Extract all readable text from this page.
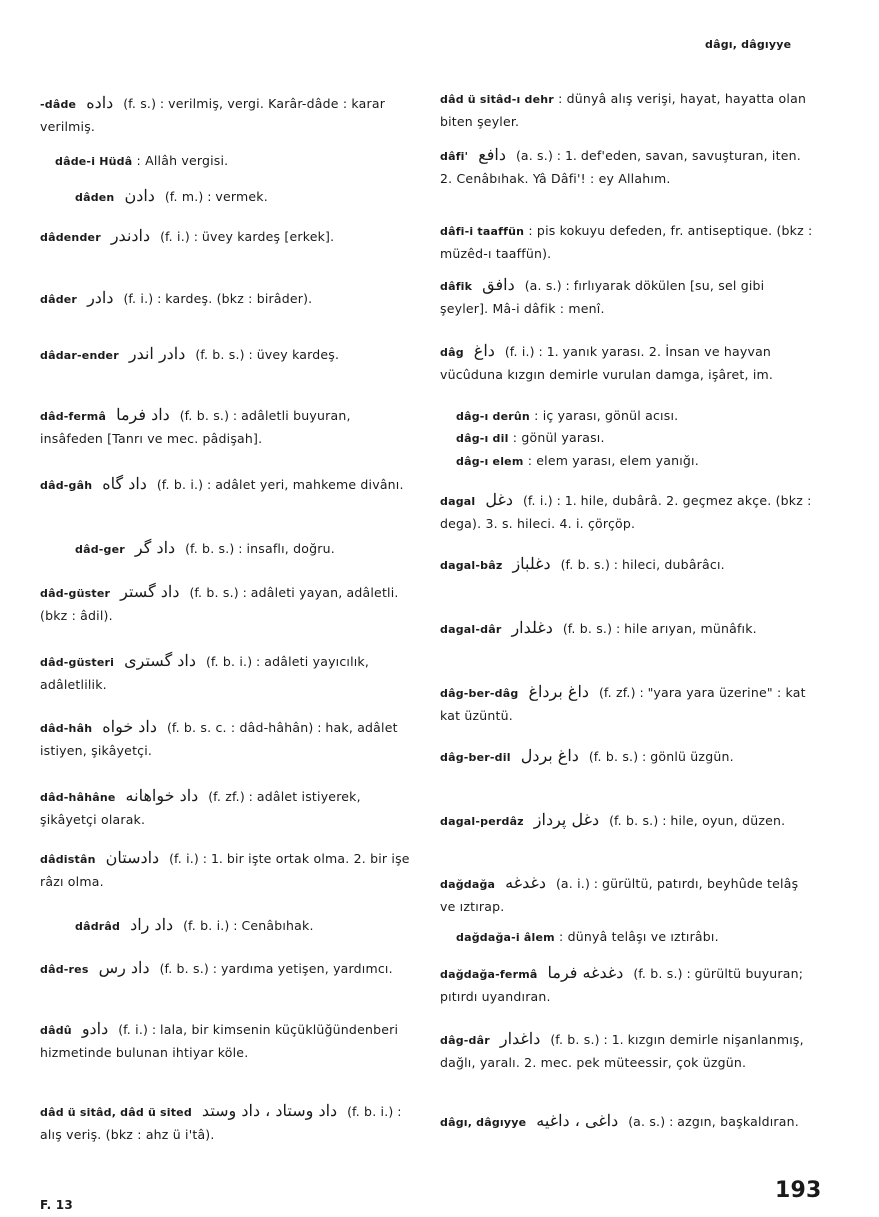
dâgı, dâgıyye

-dâde داده (f. s.) : verilmiş, vergi. Karâr-dâde : karar verilmiş.

dâde-i Hüdâ : Allâh vergisi.

dâden دادن (f. m.) : vermek.

dâdender دادندر (f. i.) : üvey kardeş [erkek].

dâder دادر (f. i.) : kardeş. (bkz : birâder).

dâdar-ender دادر اندر (f. b. s.) : üvey kardeş.

dâd-fermâ داد فرما (f. b. s.) : adâletli buyuran, insâfeden [Tanrı ve mec. pâdişah].

dâd-gâh داد گاه (f. b. i.) : adâlet yeri, mahkeme divânı.

dâd-ger داد گر (f. b. s.) : insaflı, doğru.

dâd-güster داد گستر (f. b. s.) : adâleti yayan, adâletli. (bkz : âdil).

dâd-güsteri داد گستری (f. b. i.) : adâleti yayıcılık, adâletlilik.

dâd-hâh داد خواه (f. b. s. c. : dâd-hâhân) : hak, adâlet istiyen, şikâyetçi.

dâd-hâhâne داد خواهانه (f. zf.) : adâlet istiyerek, şikâyetçi olarak.

dâdistân دادستان (f. i.) : 1. bir işte ortak olma. 2. bir işe râzı olma.

dâdrâd داد راد (f. b. i.) : Cenâbıhak.

dâd-res داد رس (f. b. s.) : yardıma yetişen, yardımcı.

dâdû دادو (f. i.) : lala, bir kimsenin küçüklüğündenberi hizmetinde bulunan ihtiyar köle.

dâd ü sitâd, dâd ü sited داد وستاد ، داد وستد (f. b. i.) : alış veriş. (bkz : ahz ü i'tâ).

dâd ü sitâd-ı dehr : dünyâ alış verişi, hayat, hayatta olan biten şeyler.

dâfi' دافع (a. s.) : 1. def'eden, savan, savuşturan, iten. 2. Cenâbıhak. Yâ Dâfi'! : ey Allahım.

dâfi-i taaffün : pis kokuyu defeden, fr. antiseptique. (bkz : müzêd-ı taaffün).

dâfik دافق (a. s.) : fırlıyarak dökülen [su, sel gibi şeyler]. Mâ-i dâfik : menî.

dâg داغ (f. i.) : 1. yanık yarası. 2. İnsan ve hayvan vücûduna kızgın demirle vurulan damga, işâret, im.

dâg-ı derûn : iç yarası, gönül acısı.

dâg-ı dil : gönül yarası.

dâg-ı elem : elem yarası, elem yanığı.

dagal دغل (f. i.) : 1. hile, dubârâ. 2. geçmez akçe. (bkz : dega). 3. s. hileci. 4. i. çörçöp.

dagal-bâz دغلباز (f. b. s.) : hileci, dubârâcı.

dagal-dâr دغلدار (f. b. s.) : hile arıyan, münâfık.

dâg-ber-dâg داغ برداغ (f. zf.) : "yara yara üzerine" : kat kat üzüntü.

dâg-ber-dil داغ بردل (f. b. s.) : gönlü üzgün.

dagal-perdâz دغل پرداز (f. b. s.) : hile, oyun, düzen.

dağdağa دغدغه (a. i.) : gürültü, patırdı, beyhûde telâş ve ıztırap.

dağdağa-i âlem : dünyâ telâşı ve ıztırâbı.

dağdağa-fermâ دغدغه فرما (f. b. s.) : gürültü buyuran; pıtırdı uyandıran.

dâg-dâr داغدار (f. b. s.) : 1. kızgın demirle nişanlanmış, dağlı, yaralı. 2. mec. pek müteessir, çok üzgün.

dâgı, dâgıyye داغی ، داغیه (a. s.) : azgın, başkaldıran.

F. 13
193
